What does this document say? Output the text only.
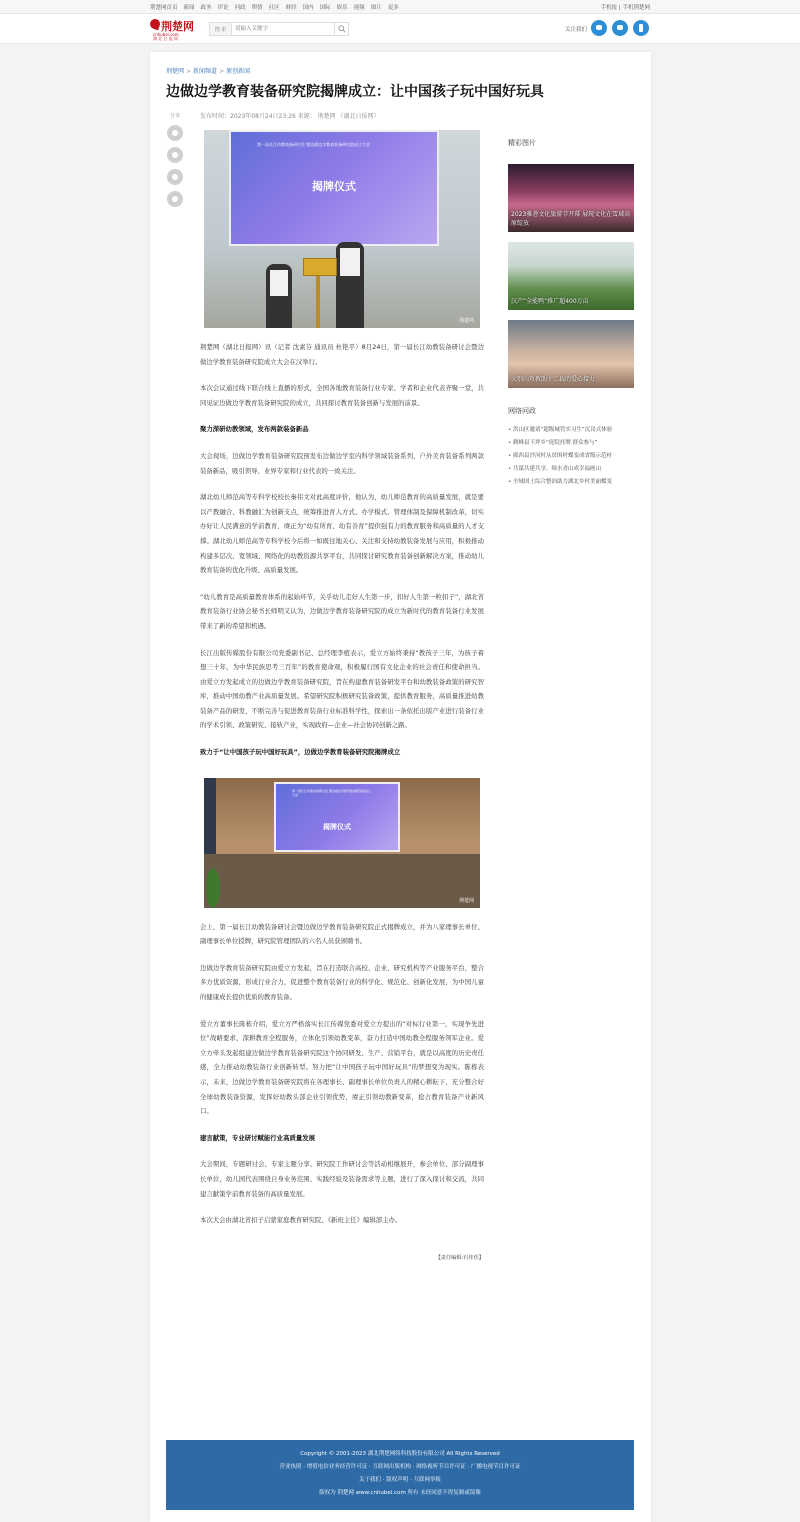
荆楚网首页 新闻 政务 评论 问政 舆情 社区 财经 国内 国际 娱乐 视频 图片 更多	手机报 | 手机荆楚网
荆楚网
cnhubei.com
湖 北 日 报 网
搜 索
请输入关键字	关注我们
荆楚网 > 新闻频道 > 原创新闻
边做边学教育装备研究院揭牌成立：让中国孩子玩中国好玩具
发布时间：2023年08月24日23:26 来源： 荆楚网 （湖北日报网）
分享
第一届长江幼教装备研讨会 暨边做边学教育装备研究院成立大会
揭牌仪式
荆楚网

荆楚网（湖北日报网）讯（记者 沈素芬 通讯员 杜艳平）8月24日，第一届长江幼教装备研讨会暨边做边学教育装备研究院成立大会在汉举行。

本次会议通过线下联合线上直播的形式，全国各地教育装备行业专家、学者和企业代表齐聚一堂，共同见证边做边学教育装备研究院的成立，共同探讨教育装备创新与发展的前景。

聚力深研幼教领域，发布两款装备新品

大会现场，边做边学教育装备研究院预发布边做边学室内科学领域装备系列、户外美育装备系列两款装备新品，吸引领导、业界专家和行业代表的一致关注。

湖北幼儿师范高等专科学校校长秦伟文对此高度评价，他认为，幼儿师范教育的高质量发展，就是要以产教融合、科教融汇为创新支点，统筹推进育人方式、办学模式、管理体制及保障机制改革，切实办好让人民满意的学前教育，赓正为“幼有所育、幼有善育”提供强有力的教育服务和高质量的人才支撑。湖北幼儿师范高等专科学校今后将一如既往地关心、关注和支持幼教装备发展与应用，积极推动构建多层次、宽领域、网络化的幼教资源共享平台，共同探讨研究教育装备创新解决方案，推动幼儿教育装备的优化升级、高质量发展。

“幼儿教育是高质量教育体系的起始环节，关乎幼儿走好人生第一步，扣好人生第一粒扣子”，湖北省教育装备行业协会秘书长师明义认为，边做边学教育装备研究院的成立为新时代的教育装备行业发展带来了新的希望和机遇。

长江出版传媒股份有限公司党委副书记、总经理李植表示，爱立方始终秉持“教孩子三年，为孩子着想三十年，为中华民族思考三百年”的教育使命观，积极履行国有文化企业的社会责任和使命担当。由爱立方发起成立的边做边学教育装备研究院，旨在构建教育装备研发平台和幼教装备政策的研究智库，推动中国幼教产业高质量发展。希望研究院积极研究装备政策，提供教育服务，高质量推进幼教装备产品的研发，不断完善与促进教育装备行业标准科学性，探索出一条依托出版产业进行装备行业的学术引领、政策研究、接轨产业，实现政府—企业—社会协同创新之路。

致力于“让中国孩子玩中国好玩具”，边做边学教育装备研究院揭牌成立

第一届长江幼教装备研讨会 暨边做边学教育装备研究院成立大会
揭牌仪式
荆楚网

会上，第一届长江幼教装备研讨会暨边做边学教育装备研究院正式揭牌成立，并为八家理事长单位、副理事长单位授牌，研究院管理团队的六名人员获颁聘书。

边做边学教育装备研究院由爱立方发起，旨在打造联合高校、企业、研究机构等产业服务平台，整合多方优质资源，形成行业合力，促进整个教育装备行业的科学化、规范化、创新化发展，为中国儿童的健康成长提供优质的教育装备。

爱立方董事长陈栋介绍，爱立方严格落实长江传媒党委对爱立方提出的“对标行业第一，实现争先进位”战略要求，深耕教育全程服务，立体化引领幼教变革，奋力打造中国幼教全程服务领军企业。爱立方牵头发起组建边做边学教育装备研究院这个协同研发、生产、营销平台，就是以高度的历史责任感，全力推动幼教装备行业创新转型。努力把“让中国孩子玩中国好玩具”的梦想变为现实。陈栋表示，未来，边做边学教育装备研究院将在各理事长、副理事长单位负责人的精心耕耘下，充分整合好全球幼教装备资源，发挥好幼教头部企业引领优势，赓正引领幼教新变革，抢占教育装备产业新风口。

建言献策，专业研讨赋能行业高质量发展

大会期间，专题研讨会、专家主题分享、研究院工作研讨会等活动相继展开，参会单位、部分副理事长单位、幼儿园代表围绕自身业务范围、实践经验及装备需求等主题，进行了深入探讨和交流，共同建言献策学前教育装备的高质量发展。

本次大会由湖北省扣子启蒙家庭教育研究院、《新班主任》编辑部主办。

【责任编辑:石佳佳】
精彩图片
2023雅砻文化旅游节开幕 展现文化在雪域高原绽放
汉产“全能鸭”推广超400万亩
大别山攻教助十二载的爱心接力
网络问政
• 洪山区邀请“超级城管实习生”沉浸式体验
• 鹤峰县下坪乡“庭院挂牌 群众参与”
• 郧西县沙河村从贫困村蝶变成省级示范村
• 共谋共建共享，缔水青山成幸福画山
• 全域国土综合整治助力湖北乡村美丽蝶变
Copyright © 2001-2023 湖北荆楚网络科技股份有限公司 All Rights Reserved
营业执照 · 增值电信业务经营许可证 · 互联网出版机构 · 网络视听节目许可证 · 广播电视节目许可证
关于我们 · 版权声明 · 互联网举报
版权为 荆楚网 www.cnhubei.com 所有 未经同意不得复制或镜像
